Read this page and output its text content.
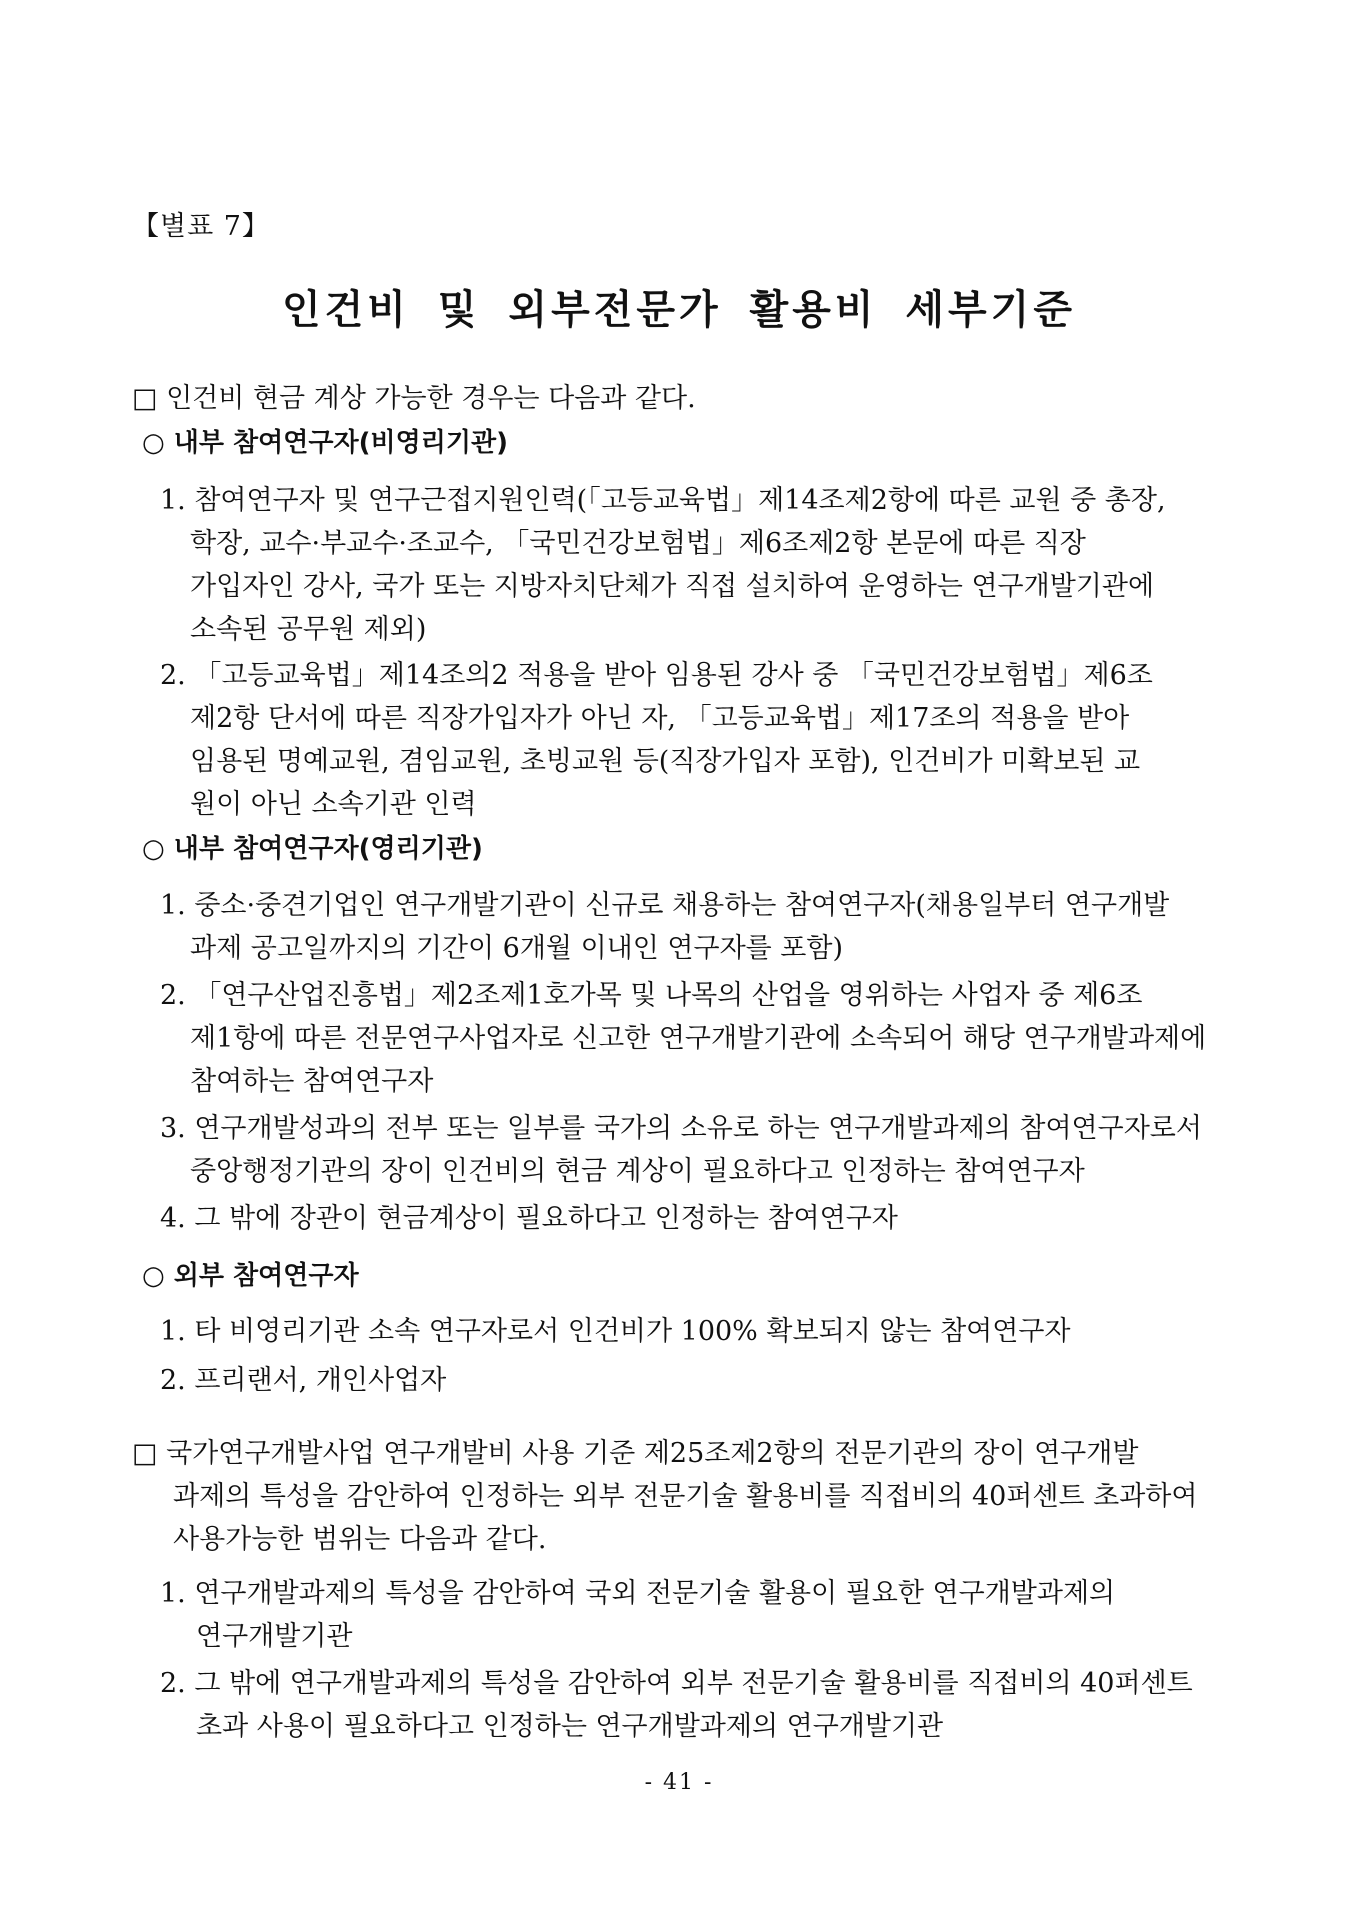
【별표 7】
인건비 및 외부전문가 활용비 세부기준
□ 인건비 현금 계상 가능한 경우는 다음과 같다.
○ 내부 참여연구자(비영리기관)
1. 참여연구자 및 연구근접지원인력(「고등교육법」제14조제2항에 따른 교원 중 총장,
학장, 교수·부교수·조교수, 「국민건강보험법」제6조제2항 본문에 따른 직장
가입자인 강사, 국가 또는 지방자치단체가 직접 설치하여 운영하는 연구개발기관에
소속된 공무원 제외)
2. 「고등교육법」제14조의2 적용을 받아 임용된 강사 중 「국민건강보험법」제6조
제2항 단서에 따른 직장가입자가 아닌 자, 「고등교육법」제17조의 적용을 받아
임용된 명예교원, 겸임교원, 초빙교원 등(직장가입자 포함), 인건비가 미확보된 교
원이 아닌 소속기관 인력
○ 내부 참여연구자(영리기관)
1. 중소·중견기업인 연구개발기관이 신규로 채용하는 참여연구자(채용일부터 연구개발
과제 공고일까지의 기간이 6개월 이내인 연구자를 포함)
2. 「연구산업진흥법」제2조제1호가목 및 나목의 산업을 영위하는 사업자 중 제6조
제1항에 따른 전문연구사업자로 신고한 연구개발기관에 소속되어 해당 연구개발과제에
참여하는 참여연구자
3. 연구개발성과의 전부 또는 일부를 국가의 소유로 하는 연구개발과제의 참여연구자로서
중앙행정기관의 장이 인건비의 현금 계상이 필요하다고 인정하는 참여연구자
4. 그 밖에 장관이 현금계상이 필요하다고 인정하는 참여연구자
○ 외부 참여연구자
1. 타 비영리기관 소속 연구자로서 인건비가 100% 확보되지 않는 참여연구자
2. 프리랜서, 개인사업자
□ 국가연구개발사업 연구개발비 사용 기준 제25조제2항의 전문기관의 장이 연구개발
과제의 특성을 감안하여 인정하는 외부 전문기술 활용비를 직접비의 40퍼센트 초과하여
사용가능한 범위는 다음과 같다.
1. 연구개발과제의 특성을 감안하여 국외 전문기술 활용이 필요한 연구개발과제의
연구개발기관
2. 그 밖에 연구개발과제의 특성을 감안하여 외부 전문기술 활용비를 직접비의 40퍼센트
초과 사용이 필요하다고 인정하는 연구개발과제의 연구개발기관
- 41 -
